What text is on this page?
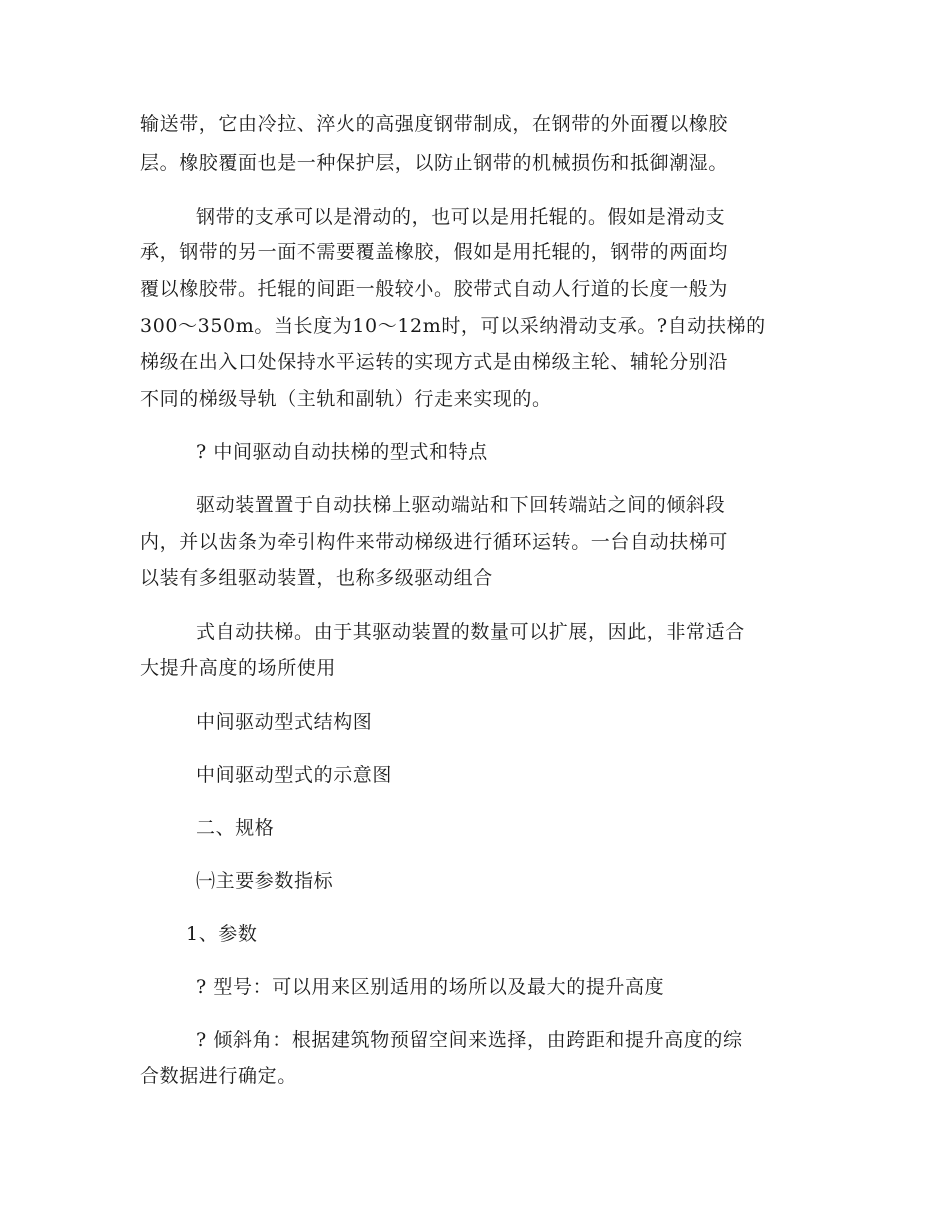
输送带，它由冷拉、淬火的高强度钢带制成，在钢带的外面覆以橡胶
层。橡胶覆面也是一种保护层，以防止钢带的机械损伤和抵御潮湿。
钢带的支承可以是滑动的，也可以是用托辊的。假如是滑动支
承，钢带的另一面不需要覆盖橡胶，假如是用托辊的，钢带的两面均
覆以橡胶带。托辊的间距一般较小。胶带式自动人行道的长度一般为
300～350m。当长度为10～12m时，可以采纳滑动支承。?自动扶梯的
梯级在出入口处保持水平运转的实现方式是由梯级主轮、辅轮分别沿
不同的梯级导轨（主轨和副轨）行走来实现的。
? 中间驱动自动扶梯的型式和特点
驱动装置置于自动扶梯上驱动端站和下回转端站之间的倾斜段
内，并以齿条为牵引构件来带动梯级进行循环运转。一台自动扶梯可
以装有多组驱动装置，也称多级驱动组合
式自动扶梯。由于其驱动装置的数量可以扩展，因此，非常适合
大提升高度的场所使用
中间驱动型式结构图
中间驱动型式的示意图
二、规格
㈠主要参数指标
1、参数
? 型号：可以用来区别适用的场所以及最大的提升高度
? 倾斜角：根据建筑物预留空间来选择，由跨距和提升高度的综
合数据进行确定。
